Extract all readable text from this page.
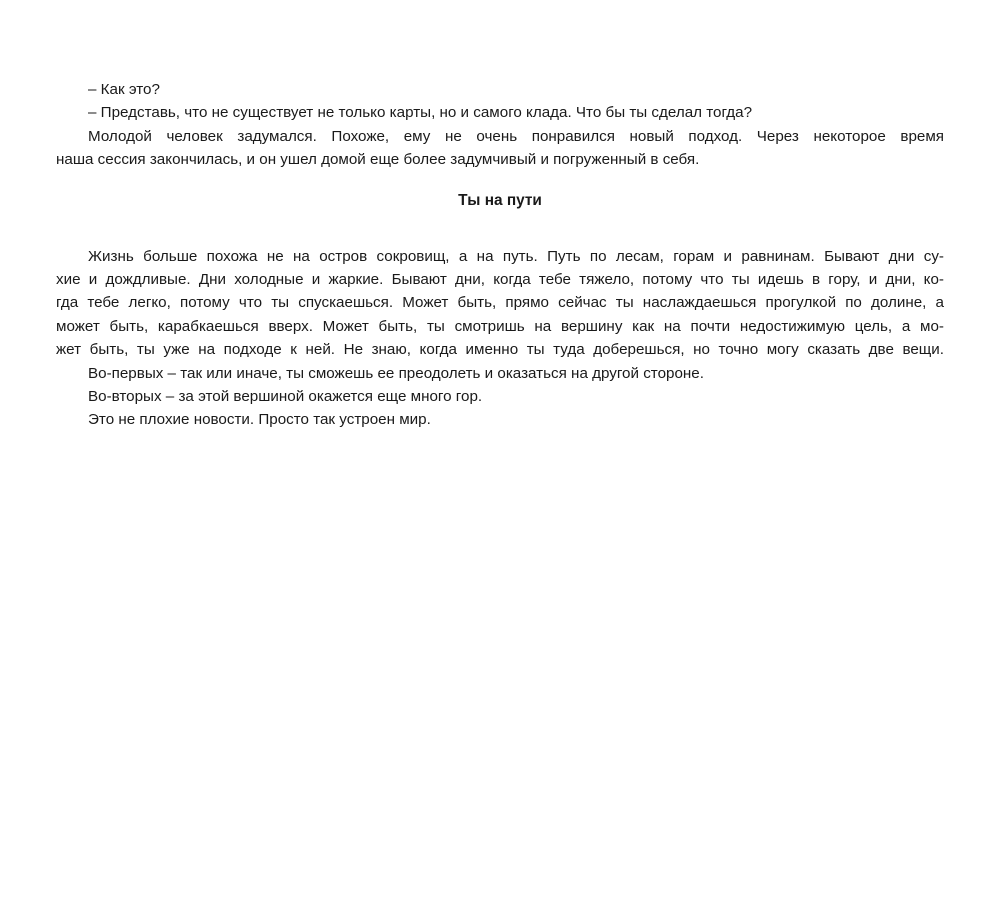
– Как это?

– Представь, что не существует не только карты, но и самого клада. Что бы ты сделал тогда?

Молодой человек задумался. Похоже, ему не очень понравился новый подход. Через некоторое время
наша сессия закончилась, и он ушел домой еще более задумчивый и погруженный в себя.

Ты на пути

Жизнь больше похожа не на остров сокровищ, а на путь. Путь по лесам, горам и равнинам. Бывают дни су-
хие и дождливые. Дни холодные и жаркие. Бывают дни, когда тебе тяжело, потому что ты идешь в гору, и дни, ко-
гда тебе легко, потому что ты спускаешься. Может быть, прямо сейчас ты наслаждаешься прогулкой по долине, а
может быть, карабкаешься вверх. Может быть, ты смотришь на вершину как на почти недостижимую цель, а мо-
жет быть, ты уже на подходе к ней. Не знаю, когда именно ты туда доберешься, но точно могу сказать две вещи.

Во-первых – так или иначе, ты сможешь ее преодолеть и оказаться на другой стороне.

Во-вторых – за этой вершиной окажется еще много гор.

Это не плохие новости. Просто так устроен мир.
